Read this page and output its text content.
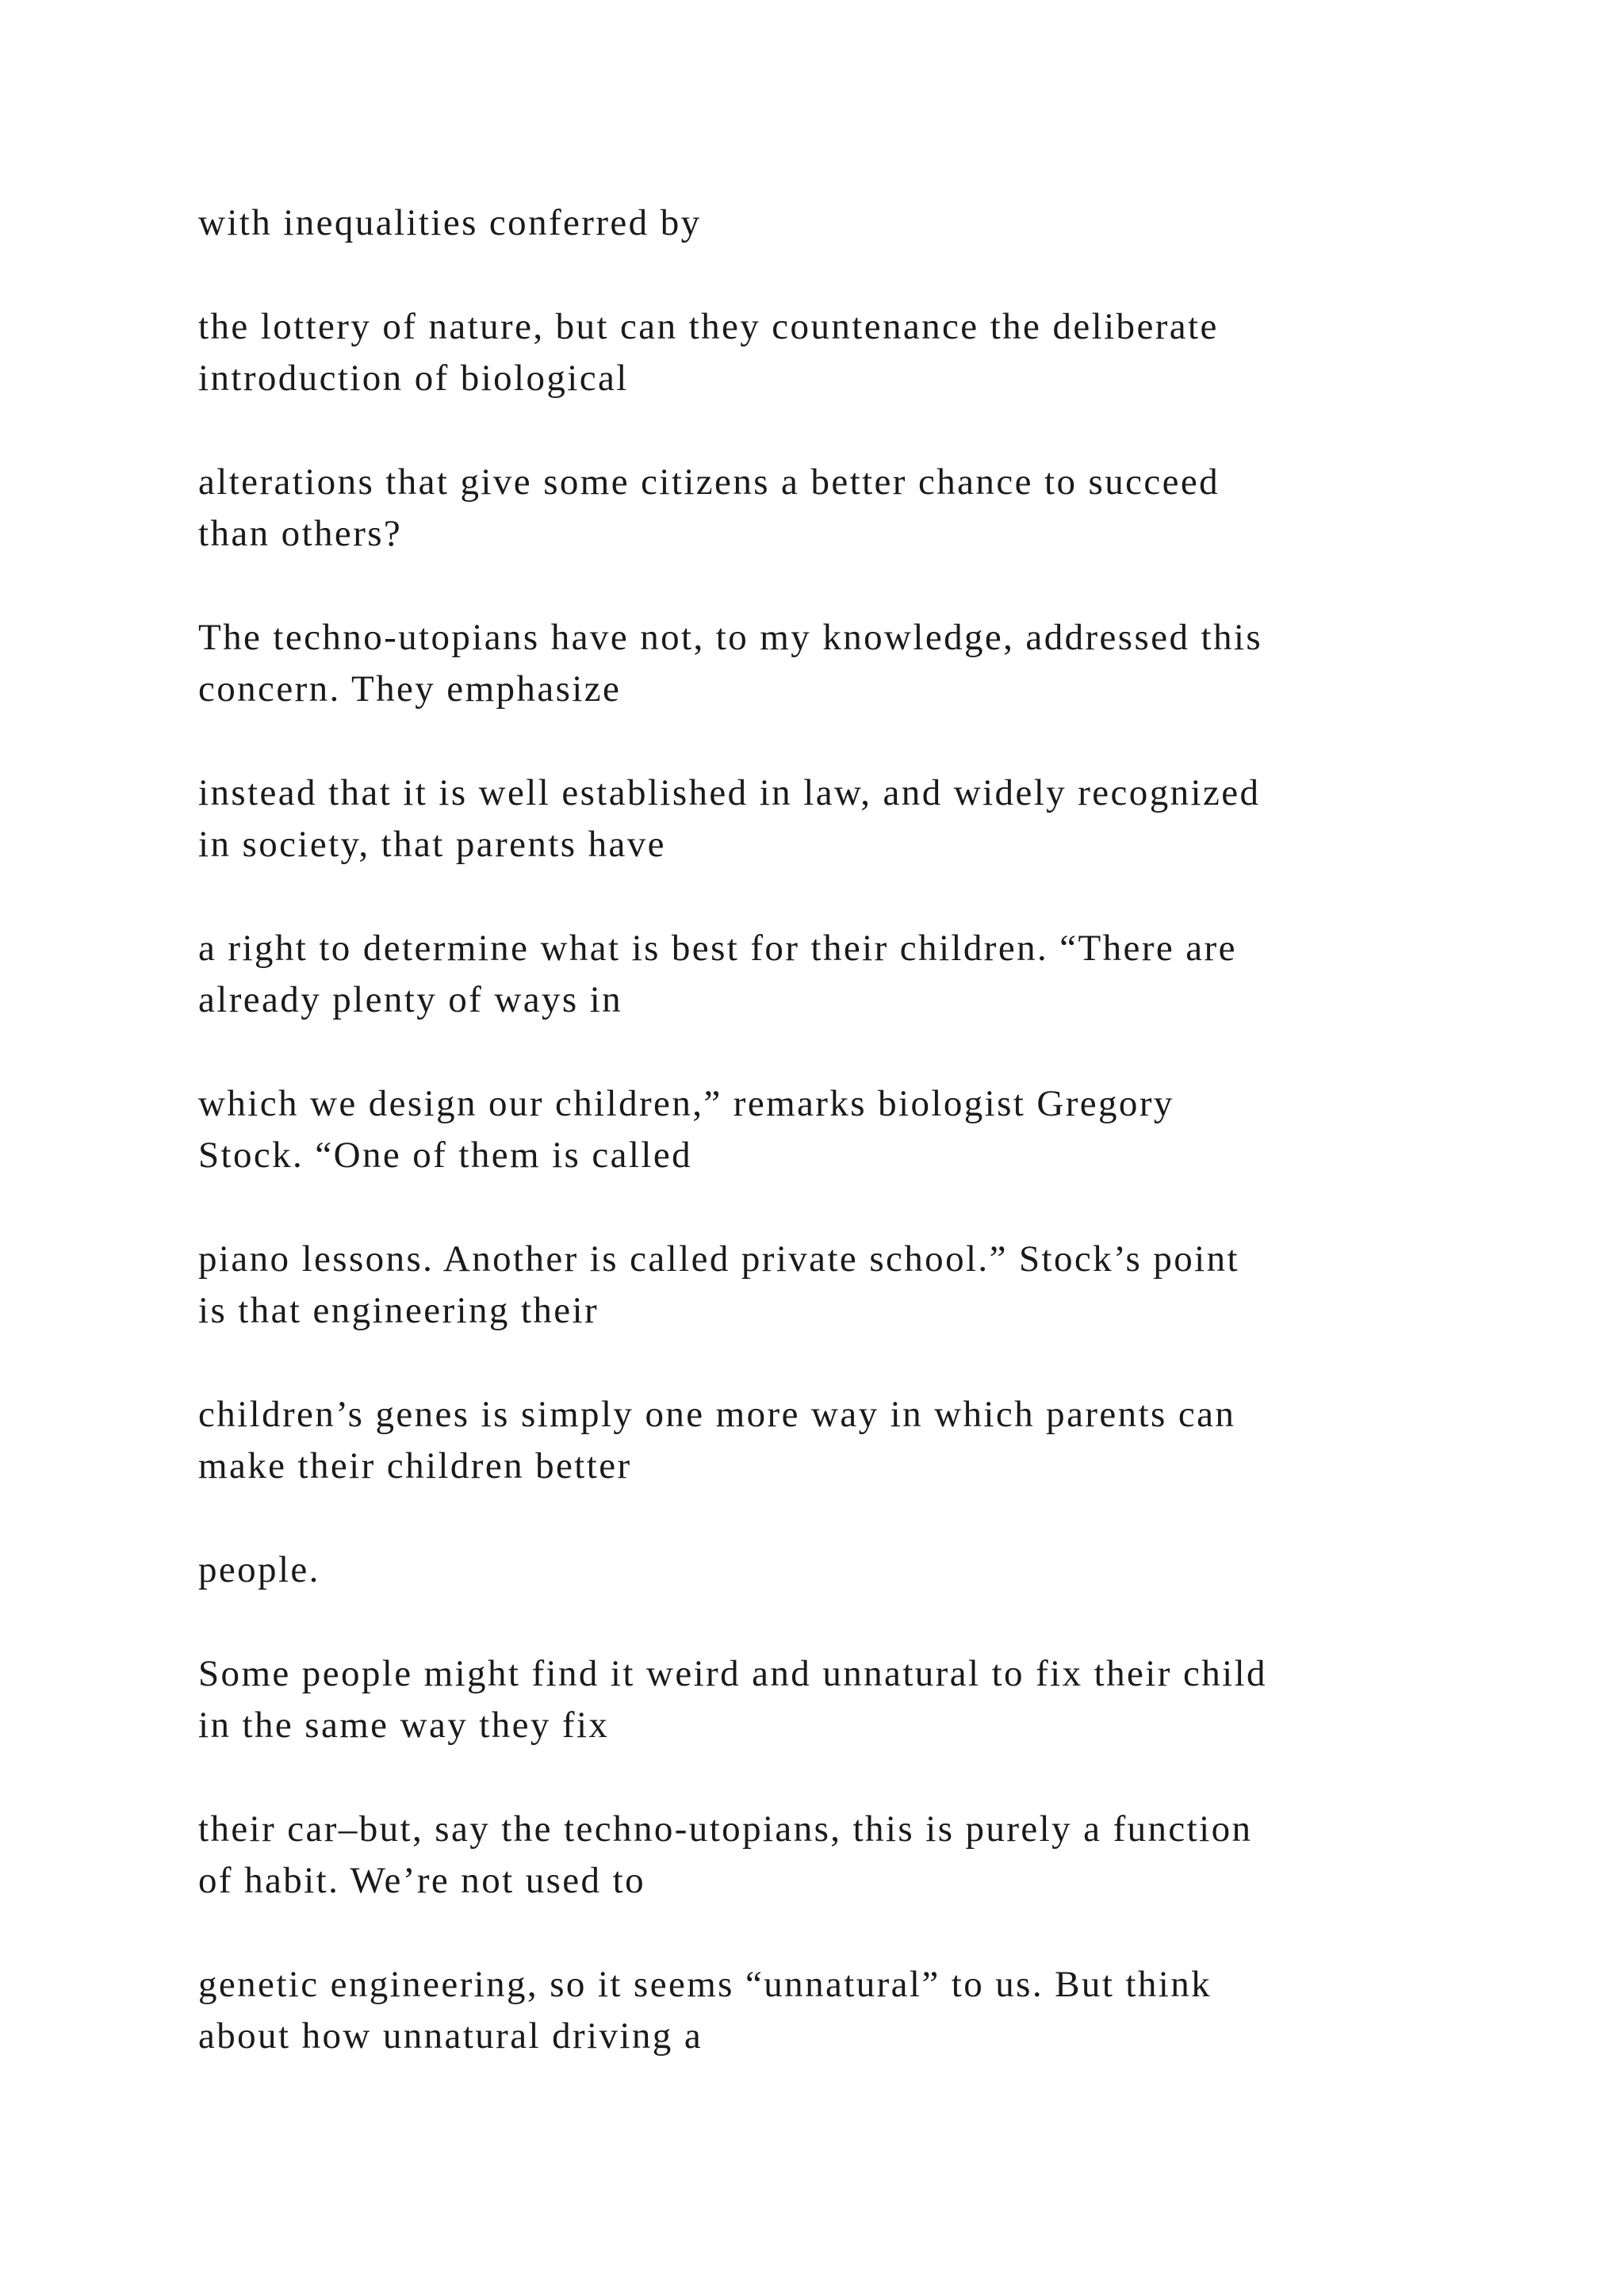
with inequalities conferred by

the lottery of nature, but can they countenance the deliberate
introduction of biological

alterations that give some citizens a better chance to succeed
than others?

The techno-utopians have not, to my knowledge, addressed this
concern. They emphasize

instead that it is well established in law, and widely recognized
in society, that parents have

a right to determine what is best for their children. “There are
already plenty of ways in

which we design our children,” remarks biologist Gregory
Stock. “One of them is called

piano lessons. Another is called private school.” Stock’s point
is that engineering their

children’s genes is simply one more way in which parents can
make their children better

people.

Some people might find it weird and unnatural to fix their child
in the same way they fix

their car–but, say the techno-utopians, this is purely a function
of habit. We’re not used to

genetic engineering, so it seems “unnatural” to us. But think
about how unnatural driving a
